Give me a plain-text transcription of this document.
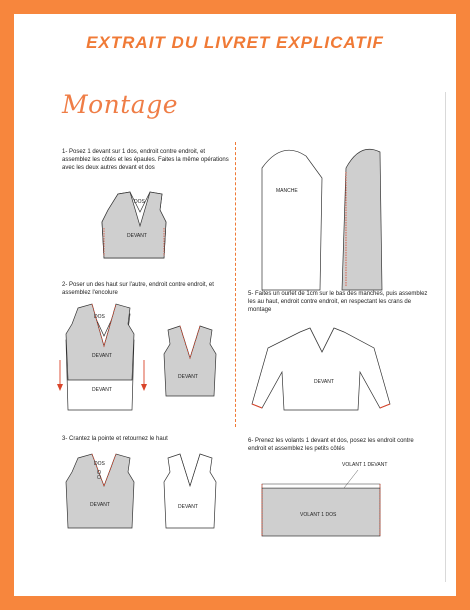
EXTRAIT DU LIVRET EXPLICATIF
Montage
1- Posez 1 devant sur 1 dos, endroit contre endroit, et assemblez les côtés et les épaules. Faites la même opérations avec les deux autres devant et dos
2- Poser un des haut sur l'autre, endroit contre endroit, et assemblez l'encolure
3- Crantez la pointe et retournez le haut
5- Faites un ourlet de 1cm sur le bas des manches, puis assemblez les au haut, endroit contre endroit, en respectant les crans de montage
6- Prenez les volants 1 devant et dos, posez les endroit contre endroit et assemblez les petits côtés
DOS
DEVANT
DOS
DEVANT
DEVANT
DEVANT
DOS
DEVANT	DEVANT
MANCHE
DEVANT
VOLANT 1 DEVANT
VOLANT 1 DOS
